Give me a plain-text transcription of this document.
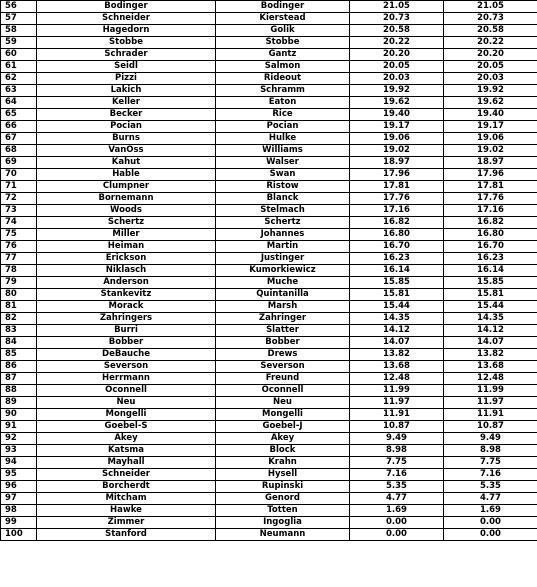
56	Bodinger	Bodinger	21.05	21.05
57	Schneider	Kierstead	20.73	20.73
58	Hagedorn	Golik	20.58	20.58
59	Stobbe	Stobbe	20.22	20.22
60	Schrader	Gantz	20.20	20.20
61	Seidl	Salmon	20.05	20.05
62	Pizzi	Rideout	20.03	20.03
63	Lakich	Schramm	19.92	19.92
64	Keller	Eaton	19.62	19.62
65	Becker	Rice	19.40	19.40
66	Pocian	Pocian	19.17	19.17
67	Burns	Hulke	19.06	19.06
68	VanOss	Williams	19.02	19.02
69	Kahut	Walser	18.97	18.97
70	Hable	Swan	17.96	17.96
71	Clumpner	Ristow	17.81	17.81
72	Bornemann	Blanck	17.76	17.76
73	Woods	Stelmach	17.16	17.16
74	Schertz	Schertz	16.82	16.82
75	Miller	Johannes	16.80	16.80
76	Heiman	Martin	16.70	16.70
77	Erickson	Justinger	16.23	16.23
78	Niklasch	Kumorkiewicz	16.14	16.14
79	Anderson	Muche	15.85	15.85
80	Stankevitz	Quintanilla	15.81	15.81
81	Morack	Marsh	15.44	15.44
82	Zahringers	Zahringer	14.35	14.35
83	Burri	Slatter	14.12	14.12
84	Bobber	Bobber	14.07	14.07
85	DeBauche	Drews	13.82	13.82
86	Severson	Severson	13.68	13.68
87	Herrmann	Freund	12.48	12.48
88	Oconnell	Oconnell	11.99	11.99
89	Neu	Neu	11.97	11.97
90	Mongelli	Mongelli	11.91	11.91
91	Goebel-S	Goebel-J	10.87	10.87
92	Akey	Akey	9.49	9.49
93	Katsma	Block	8.98	8.98
94	Mayhall	Krahn	7.75	7.75
95	Schneider	Hysell	7.16	7.16
96	Borcherdt	Rupinski	5.35	5.35
97	Mitcham	Genord	4.77	4.77
98	Hawke	Totten	1.69	1.69
99	Zimmer	Ingoglia	0.00	0.00
100	Stanford	Neumann	0.00	0.00
